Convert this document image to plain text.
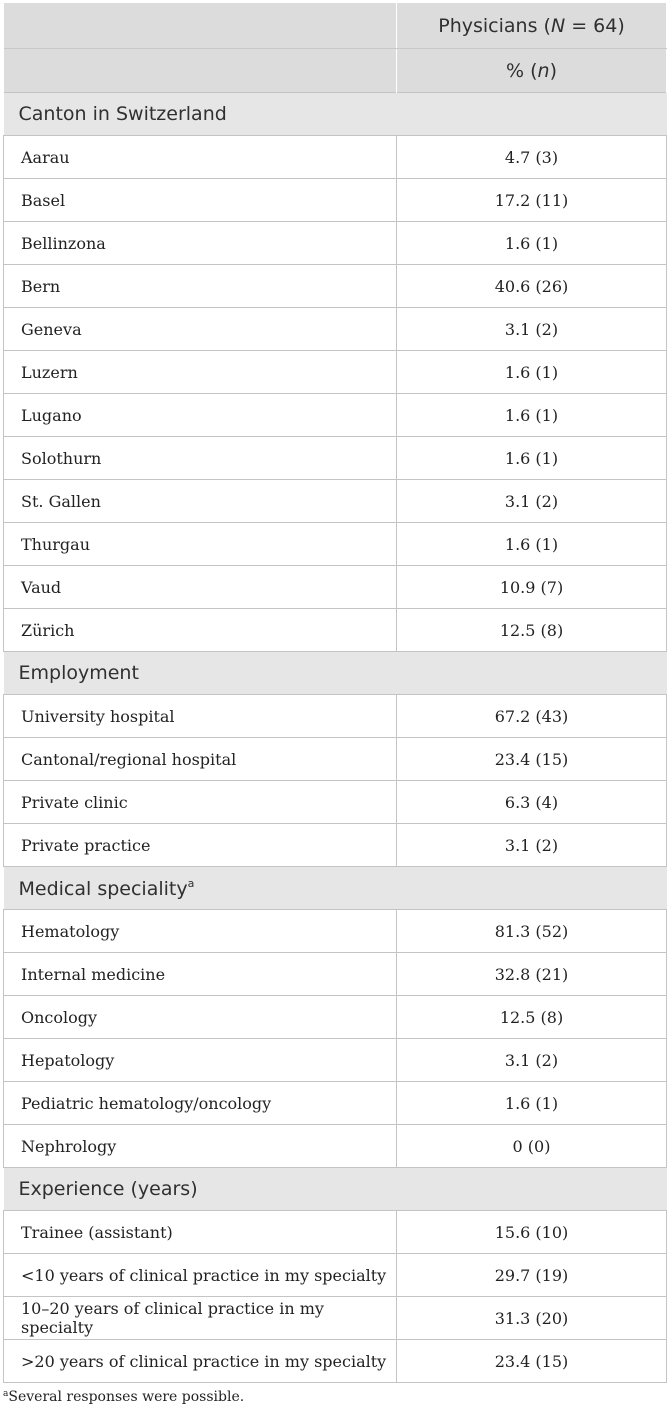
	Physicians (N = 64)
	% (n)
Canton in Switzerland	
Aarau	4.7 (3)
Basel	17.2 (11)
Bellinzona	1.6 (1)
Bern	40.6 (26)
Geneva	3.1 (2)
Luzern	1.6 (1)
Lugano	1.6 (1)
Solothurn	1.6 (1)
St. Gallen	3.1 (2)
Thurgau	1.6 (1)
Vaud	10.9 (7)
Zürich	12.5 (8)
Employment	
University hospital	67.2 (43)
Cantonal/regional hospital	23.4 (15)
Private clinic	6.3 (4)
Private practice	3.1 (2)
Medical speciality$^a$
Hematology	81.3 (52)
Internal medicine	32.8 (21)
Oncology	12.5 (8)
Hepatology	3.1 (2)
Pediatric hematology/oncology	1.6 (1)
Nephrology	0 (0)
Experience (years)	
Trainee (assistant)	15.6 (10)
<10 years of clinical practice in my specialty	29.7 (19)
10–20 years of clinical practice in my specialty	31.3 (20)
>20 years of clinical practice in my specialty	23.4 (15)
$^a$Several responses were possible.
